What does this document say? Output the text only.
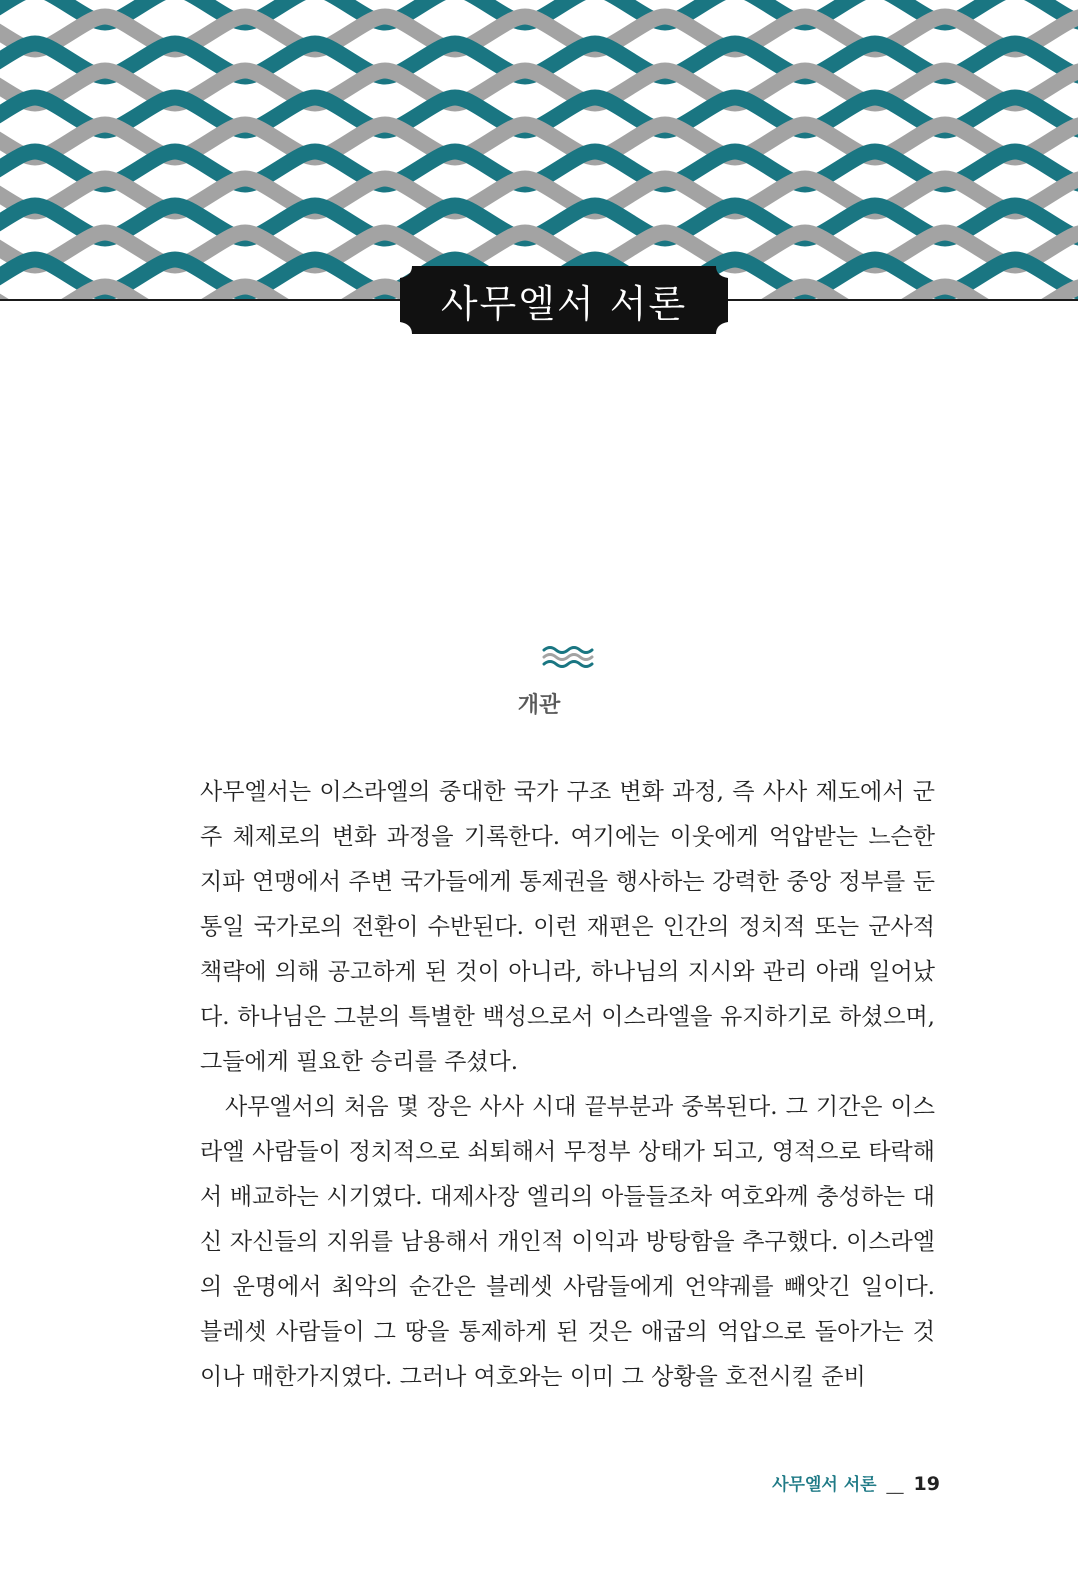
사무엘서 서론
개관

사무엘서는 이스라엘의 중대한 국가 구조 변화 과정, 즉 사사 제도에서 군주 체제로의 변화 과정을 기록한다. 여기에는 이웃에게 억압받는 느슨한 지파 연맹에서 주변 국가들에게 통제권을 행사하는 강력한 중앙 정부를 둔 통일 국가로의 전환이 수반된다. 이런 재편은 인간의 정치적 또는 군사적 책략에 의해 공고하게 된 것이 아니라, 하나님의 지시와 관리 아래 일어났다. 하나님은 그분의 특별한 백성으로서 이스라엘을 유지하기로 하셨으며, 그들에게 필요한 승리를 주셨다.

사무엘서의 처음 몇 장은 사사 시대 끝부분과 중복된다. 그 기간은 이스라엘 사람들이 정치적으로 쇠퇴해서 무정부 상태가 되고, 영적으로 타락해서 배교하는 시기였다. 대제사장 엘리의 아들들조차 여호와께 충성하는 대신 자신들의 지위를 남용해서 개인적 이익과 방탕함을 추구했다. 이스라엘의 운명에서 최악의 순간은 블레셋 사람들에게 언약궤를 빼앗긴 일이다. 블레셋 사람들이 그 땅을 통제하게 된 것은 애굽의 억압으로 돌아가는 것이나 매한가지였다. 그러나 여호와는 이미 그 상황을 호전시킬 준비

사무엘서 서론 __ 19
